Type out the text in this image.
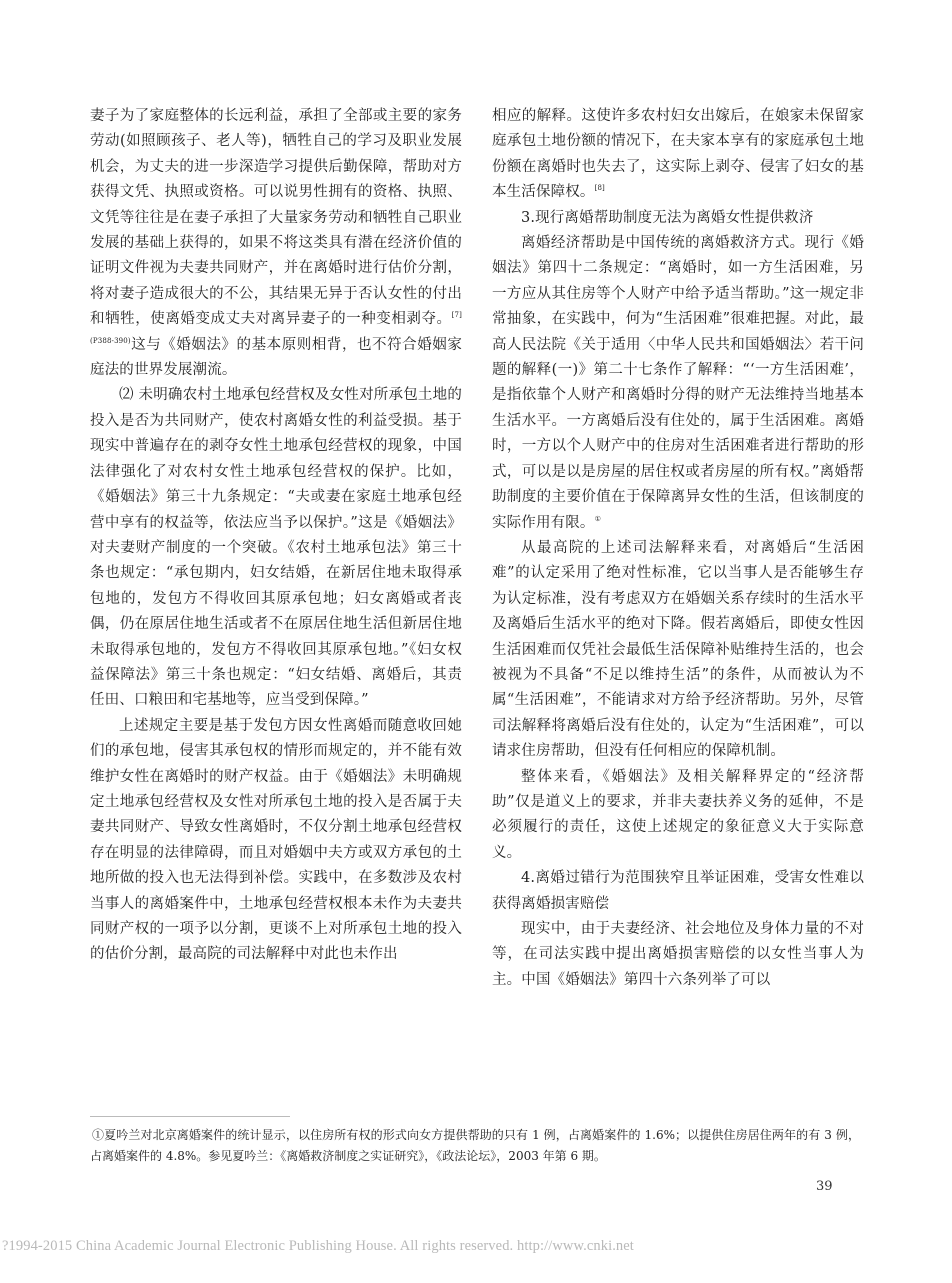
妻子为了家庭整体的长远利益，承担了全部或主要的家务劳动(如照顾孩子、老人等)，牺牲自己的学习及职业发展机会，为丈夫的进一步深造学习提供后勤保障，帮助对方获得文凭、执照或资格。可以说男性拥有的资格、执照、文凭等往往是在妻子承担了大量家务劳动和牺牲自己职业发展的基础上获得的，如果不将这类具有潜在经济价值的证明文件视为夫妻共同财产，并在离婚时进行估价分割，将对妻子造成很大的不公，其结果无异于否认女性的付出和牺牲，使离婚变成丈夫对离异妻子的一种变相剥夺。$^{[7](P388-390)}$这与《婚姻法》的基本原则相背，也不符合婚姻家庭法的世界发展潮流。

⑵ 未明确农村土地承包经营权及女性对所承包土地的投入是否为共同财产，使农村离婚女性的利益受损。基于现实中普遍存在的剥夺女性土地承包经营权的现象，中国法律强化了对农村女性土地承包经营权的保护。比如，《婚姻法》第三十九条规定：“夫或妻在家庭土地承包经营中享有的权益等，依法应当予以保护。”这是《婚姻法》对夫妻财产制度的一个突破。《农村土地承包法》第三十条也规定：“承包期内，妇女结婚，在新居住地未取得承包地的，发包方不得收回其原承包地；妇女离婚或者丧偶，仍在原居住地生活或者不在原居住地生活但新居住地未取得承包地的，发包方不得收回其原承包地。”《妇女权益保障法》第三十条也规定：“妇女结婚、离婚后，其责任田、口粮田和宅基地等，应当受到保障。”

上述规定主要是基于发包方因女性离婚而随意收回她们的承包地，侵害其承包权的情形而规定的，并不能有效维护女性在离婚时的财产权益。由于《婚姻法》未明确规定土地承包经营权及女性对所承包土地的投入是否属于夫妻共同财产、导致女性离婚时，不仅分割土地承包经营权存在明显的法律障碍，而且对婚姻中夫方或双方承包的土地所做的投入也无法得到补偿。实践中，在多数涉及农村当事人的离婚案件中，土地承包经营权根本未作为夫妻共同财产权的一项予以分割，更谈不上对所承包土地的投入的估价分割，最高院的司法解释中对此也未作出

相应的解释。这使许多农村妇女出嫁后，在娘家未保留家庭承包土地份额的情况下，在夫家本享有的家庭承包土地份额在离婚时也失去了，这实际上剥夺、侵害了妇女的基本生活保障权。[8]

3.现行离婚帮助制度无法为离婚女性提供救济

离婚经济帮助是中国传统的离婚救济方式。现行《婚姻法》第四十二条规定：“离婚时，如一方生活困难，另一方应从其住房等个人财产中给予适当帮助。”这一规定非常抽象，在实践中，何为“生活困难”很难把握。对此，最高人民法院《关于适用〈中华人民共和国婚姻法〉若干问题的解释(一)》第二十七条作了解释：“‘一方生活困难’，是指依靠个人财产和离婚时分得的财产无法维持当地基本生活水平。一方离婚后没有住处的，属于生活困难。离婚时，一方以个人财产中的住房对生活困难者进行帮助的形式，可以是以是房屋的居住权或者房屋的所有权。”离婚帮助制度的主要价值在于保障离异女性的生活，但该制度的实际作用有限。①

从最高院的上述司法解释来看，对离婚后“生活困难”的认定采用了绝对性标准，它以当事人是否能够生存为认定标准，没有考虑双方在婚姻关系存续时的生活水平及离婚后生活水平的绝对下降。假若离婚后，即使女性因生活困难而仅凭社会最低生活保障补贴维持生活的，也会被视为不具备“不足以维持生活”的条件，从而被认为不属“生活困难”，不能请求对方给予经济帮助。另外，尽管司法解释将离婚后没有住处的，认定为“生活困难”，可以请求住房帮助，但没有任何相应的保障机制。

整体来看，《婚姻法》及相关解释界定的“经济帮助”仅是道义上的要求，并非夫妻扶养义务的延伸，不是必须履行的责任，这使上述规定的象征意义大于实际意义。

4.离婚过错行为范围狭窄且举证困难，受害女性难以获得离婚损害赔偿

现实中，由于夫妻经济、社会地位及身体力量的不对等，在司法实践中提出离婚损害赔偿的以女性当事人为主。中国《婚姻法》第四十六条列举了可以

①夏吟兰对北京离婚案件的统计显示，以住房所有权的形式向女方提供帮助的只有 1 例，占离婚案件的 1.6%；以提供住房居住两年的有 3 例，占离婚案件的 4.8%。参见夏吟兰：《离婚救济制度之实证研究》，《政法论坛》，2003 年第 6 期。

39
?1994-2015 China Academic Journal Electronic Publishing House. All rights reserved. http://www.cnki.net
